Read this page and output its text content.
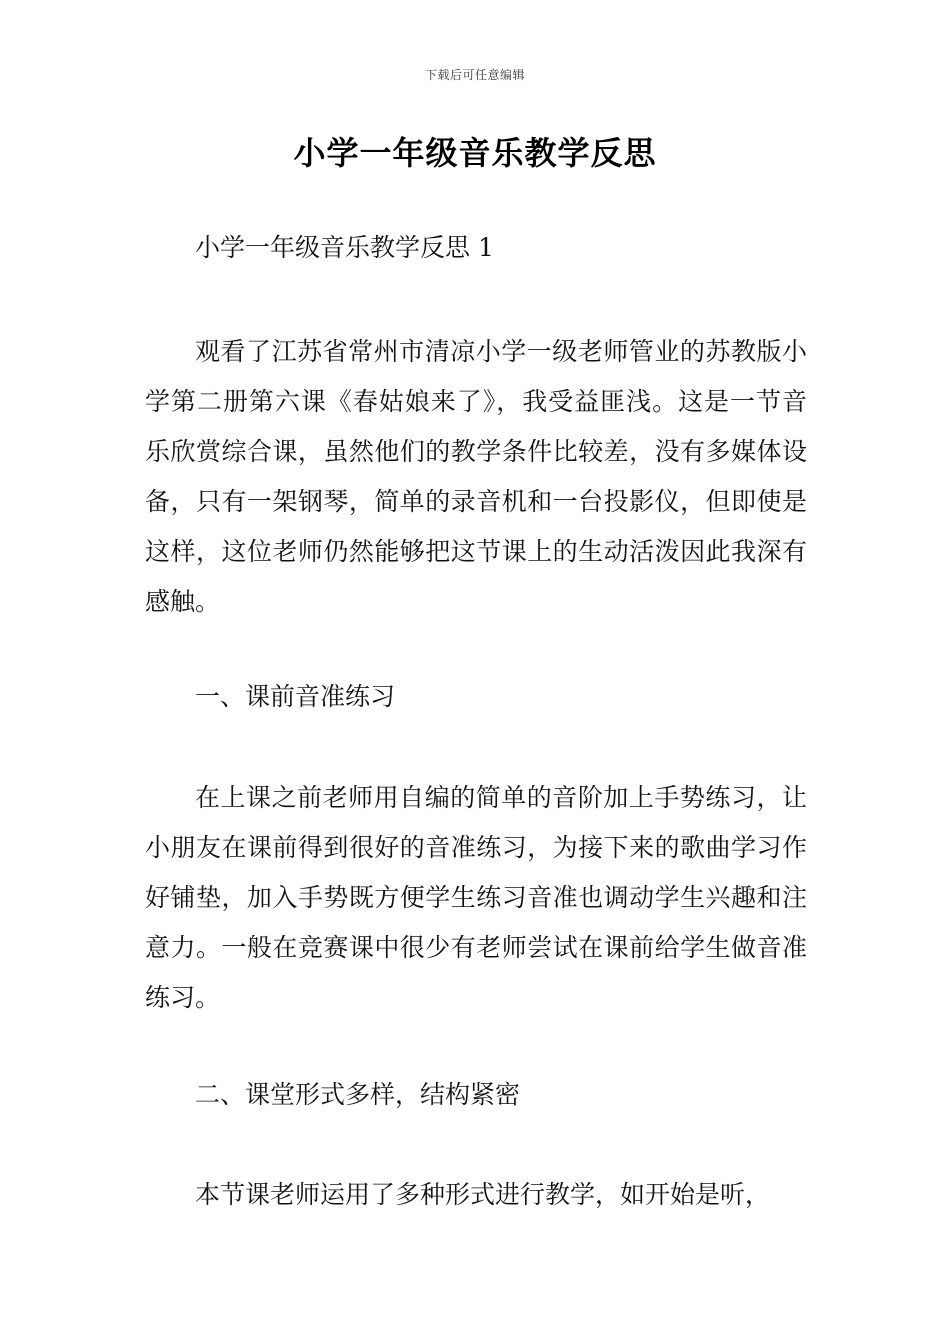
下载后可任意编辑
小学一年级音乐教学反思

小学一年级音乐教学反思 1

观看了江苏省常州市清凉小学一级老师管业的苏教版小学第二册第六课《春姑娘来了》，我受益匪浅。这是一节音乐欣赏综合课，虽然他们的教学条件比较差，没有多媒体设备，只有一架钢琴，简单的录音机和一台投影仪，但即使是这样，这位老师仍然能够把这节课上的生动活泼因此我深有感触。

一、课前音准练习

在上课之前老师用自编的简单的音阶加上手势练习，让小朋友在课前得到很好的音准练习，为接下来的歌曲学习作好铺垫，加入手势既方便学生练习音准也调动学生兴趣和注意力。一般在竞赛课中很少有老师尝试在课前给学生做音准练习。

二、课堂形式多样，结构紧密

本节课老师运用了多种形式进行教学，如开始是听，
